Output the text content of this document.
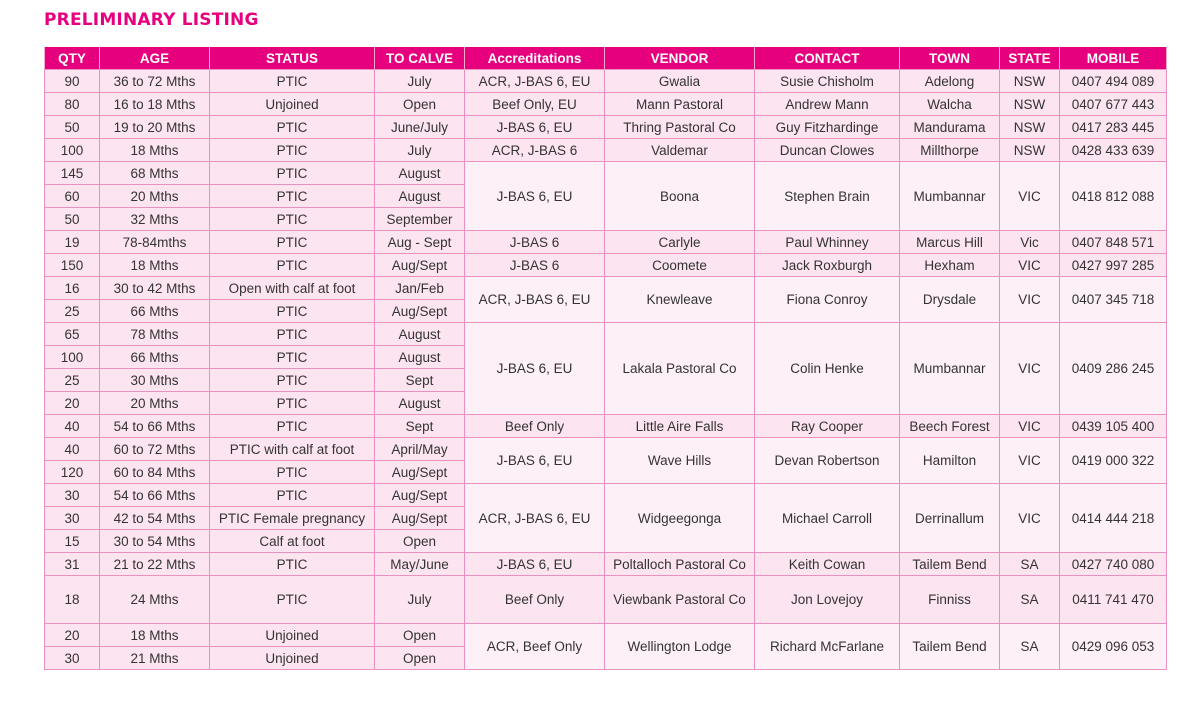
PRELIMINARY LISTING
QTY	AGE	STATUS	TO CALVE	Accreditations	VENDOR	CONTACT	TOWN	STATE	MOBILE
90	36 to 72 Mths	PTIC	July	ACR, J-BAS 6, EU	Gwalia	Susie Chisholm	Adelong	NSW	0407 494 089
80	16 to 18 Mths	Unjoined	Open	Beef Only, EU	Mann Pastoral	Andrew Mann	Walcha	NSW	0407 677 443
50	19 to 20 Mths	PTIC	June/July	J-BAS 6, EU	Thring Pastoral Co	Guy Fitzhardinge	Mandurama	NSW	0417 283 445
100	18 Mths	PTIC	July	ACR, J-BAS 6	Valdemar	Duncan Clowes	Millthorpe	NSW	0428 433 639
145	68 Mths	PTIC	August	J-BAS 6, EU	Boona	Stephen Brain	Mumbannar	VIC	0418 812 088
60	20 Mths	PTIC	August						
50	32 Mths	PTIC	September						
19	78-84mths	PTIC	Aug - Sept	J-BAS 6	Carlyle	Paul Whinney	Marcus Hill	Vic	0407 848 571
150	18 Mths	PTIC	Aug/Sept	J-BAS 6	Coomete	Jack Roxburgh	Hexham	VIC	0427 997 285
16	30 to 42 Mths	Open with calf at foot	Jan/Feb	ACR, J-BAS 6, EU	Knewleave	Fiona Conroy	Drysdale	VIC	0407 345 718
25	66 Mths	PTIC	Aug/Sept						
65	78 Mths	PTIC	August	J-BAS 6, EU	Lakala Pastoral Co	Colin Henke	Mumbannar	VIC	0409 286 245
100	66 Mths	PTIC	August						
25	30 Mths	PTIC	Sept						
20	20 Mths	PTIC	August						
40	54 to 66 Mths	PTIC	Sept	Beef Only	Little Aire Falls	Ray Cooper	Beech Forest	VIC	0439 105 400
40	60 to 72 Mths	PTIC with calf at foot	April/May	J-BAS 6, EU	Wave Hills	Devan Robertson	Hamilton	VIC	0419 000 322
120	60 to 84 Mths	PTIC	Aug/Sept						
30	54 to 66 Mths	PTIC	Aug/Sept	ACR, J-BAS 6, EU	Widgeegonga	Michael Carroll	Derrinallum	VIC	0414 444 218
30	42 to 54 Mths	PTIC Female pregnancy	Aug/Sept						
15	30 to 54 Mths	Calf at foot	Open						
31	21 to 22 Mths	PTIC	May/June	J-BAS 6, EU	Poltalloch Pastoral Co	Keith Cowan	Tailem Bend	SA	0427 740 080
18	24 Mths	PTIC	July	Beef Only	Viewbank Pastoral Co	Jon Lovejoy	Finniss	SA	0411 741 470
20	18 Mths	Unjoined	Open	ACR, Beef Only	Wellington Lodge	Richard McFarlane	Tailem Bend	SA	0429 096 053
30	21 Mths	Unjoined	Open						
